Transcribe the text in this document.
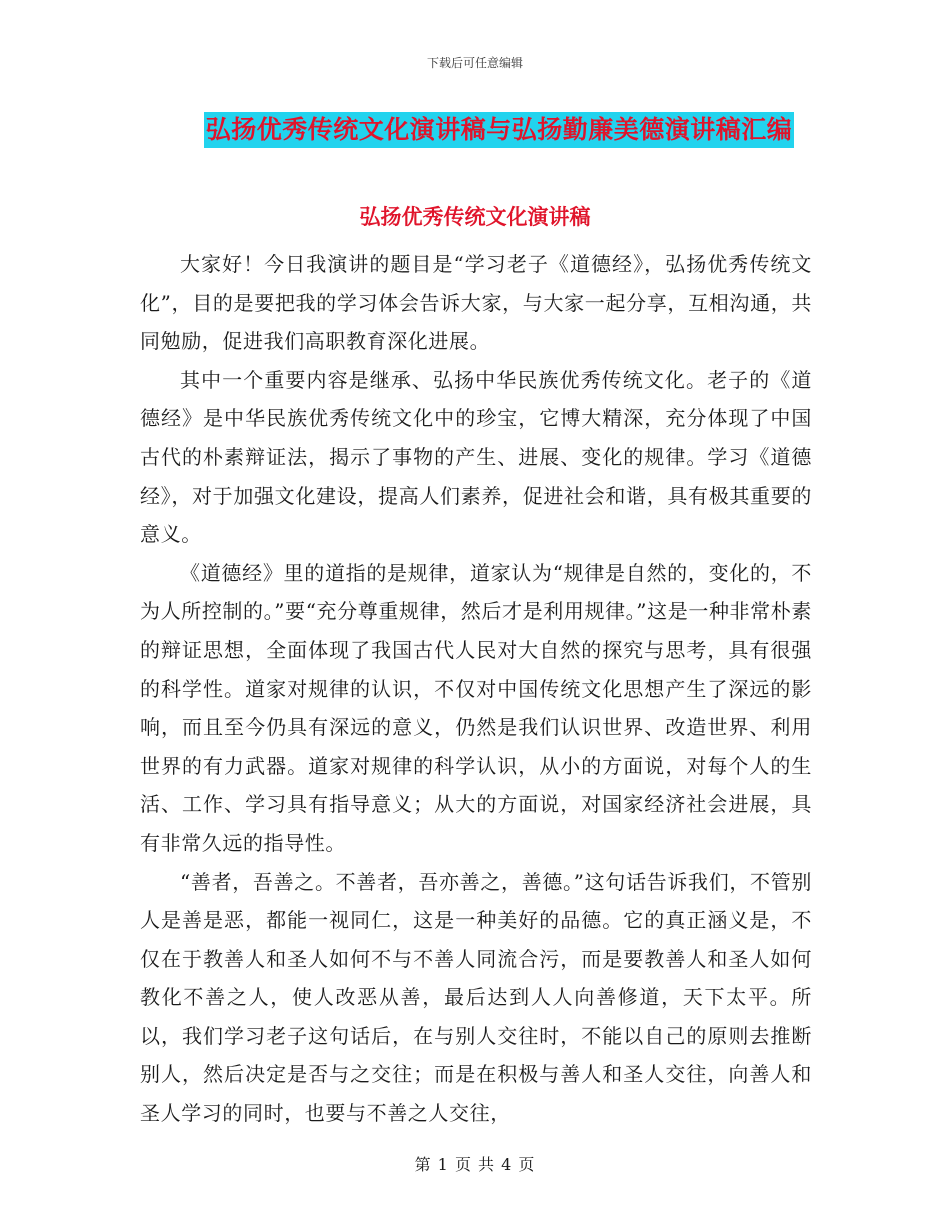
下载后可任意编辑
弘扬优秀传统文化演讲稿与弘扬勤廉美德演讲稿汇编
弘扬优秀传统文化演讲稿

大家好！今日我演讲的题目是“学习老子《道德经》，弘扬优秀传统文化”，目的是要把我的学习体会告诉大家，与大家一起分享，互相沟通，共同勉励，促进我们高职教育深化进展。

其中一个重要内容是继承、弘扬中华民族优秀传统文化。老子的《道德经》是中华民族优秀传统文化中的珍宝，它博大精深，充分体现了中国古代的朴素辩证法，揭示了事物的产生、进展、变化的规律。学习《道德经》，对于加强文化建设，提高人们素养，促进社会和谐，具有极其重要的意义。

《道德经》里的道指的是规律，道家认为“规律是自然的，变化的，不为人所控制的。”要“充分尊重规律，然后才是利用规律。”这是一种非常朴素的辩证思想，全面体现了我国古代人民对大自然的探究与思考，具有很强的科学性。道家对规律的认识，不仅对中国传统文化思想产生了深远的影响，而且至今仍具有深远的意义，仍然是我们认识世界、改造世界、利用世界的有力武器。道家对规律的科学认识，从小的方面说，对每个人的生活、工作、学习具有指导意义；从大的方面说，对国家经济社会进展，具有非常久远的指导性。

“善者，吾善之。不善者，吾亦善之，善德。”这句话告诉我们，不管别人是善是恶，都能一视同仁，这是一种美好的品德。它的真正涵义是，不仅在于教善人和圣人如何不与不善人同流合污，而是要教善人和圣人如何教化不善之人，使人改恶从善，最后达到人人向善修道，天下太平。所以，我们学习老子这句话后，在与别人交往时，不能以自己的原则去推断别人，然后决定是否与之交往；而是在积极与善人和圣人交往，向善人和圣人学习的同时，也要与不善之人交往，

第 1 页 共 4 页
